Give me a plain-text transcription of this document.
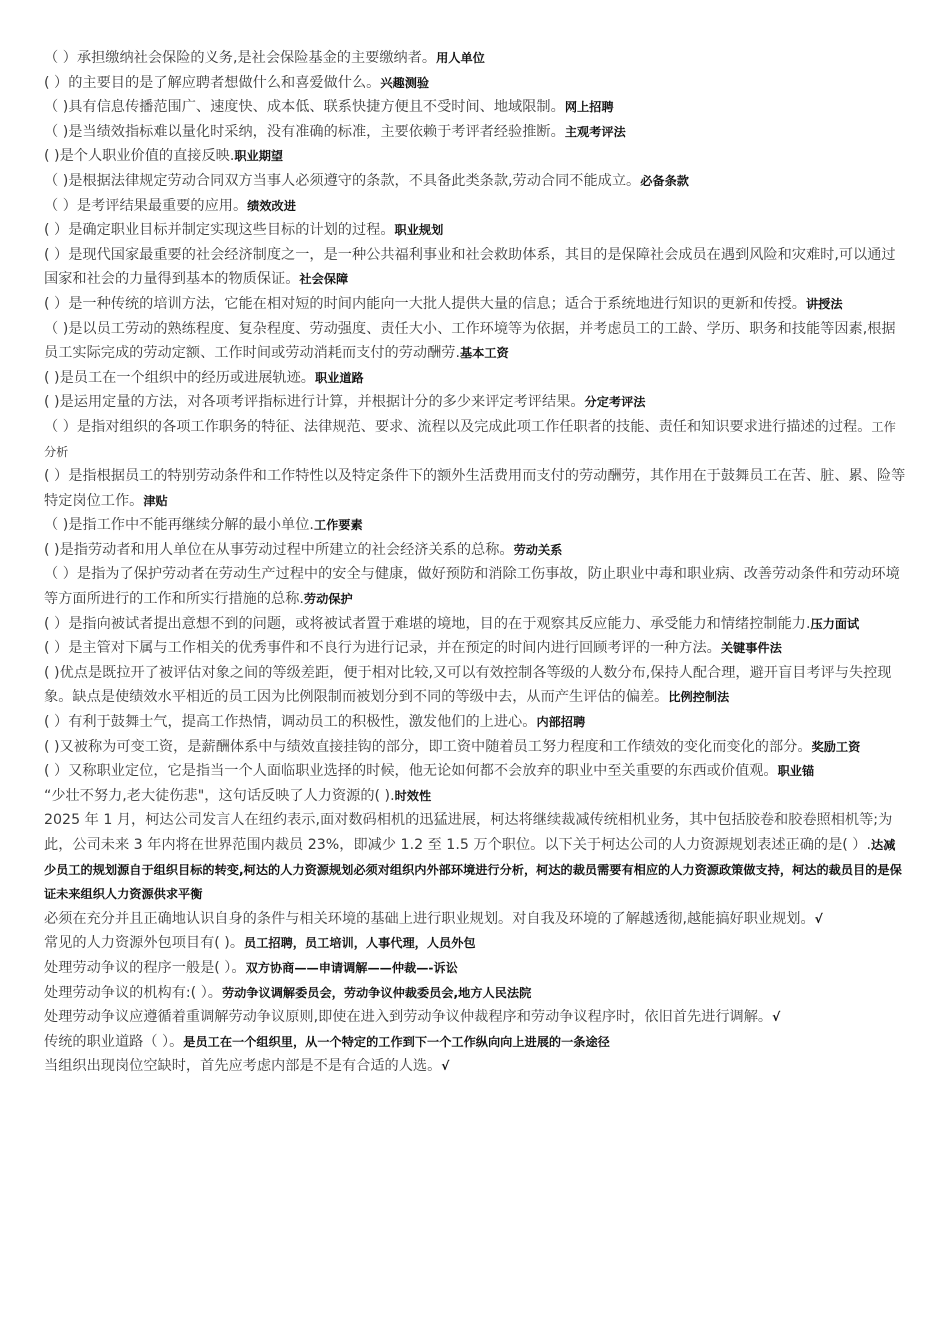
（ ）承担缴纳社会保险的义务,是社会保险基金的主要缴纳者。用人单位

( ）的主要目的是了解应聘者想做什么和喜爱做什么。兴趣测验

（ )具有信息传播范围广、速度快、成本低、联系快捷方便且不受时间、地域限制。网上招聘

（ )是当绩效指标难以量化时采纳，没有准确的标准，主要依赖于考评者经验推断。主观考评法

( )是个人职业价值的直接反映.职业期望

（ )是根据法律规定劳动合同双方当事人必须遵守的条款，不具备此类条款,劳动合同不能成立。必备条款

（ ）是考评结果最重要的应用。绩效改进

( ）是确定职业目标并制定实现这些目标的计划的过程。职业规划

( ）是现代国家最重要的社会经济制度之一，是一种公共福利事业和社会救助体系，其目的是保障社会成员在遇到风险和灾难时,可以通过国家和社会的力量得到基本的物质保证。社会保障

( ）是一种传统的培训方法，它能在相对短的时间内能向一大批人提供大量的信息；适合于系统地进行知识的更新和传授。讲授法

（ )是以员工劳动的熟练程度、复杂程度、劳动强度、责任大小、工作环境等为依据，并考虑员工的工龄、学历、职务和技能等因素,根据员工实际完成的劳动定额、工作时间或劳动消耗而支付的劳动酬劳.基本工资

( )是员工在一个组织中的经历或进展轨迹。职业道路

( )是运用定量的方法，对各项考评指标进行计算，并根据计分的多少来评定考评结果。分定考评法

（ ）是指对组织的各项工作职务的特征、法律规范、要求、流程以及完成此项工作任职者的技能、责任和知识要求进行描述的过程。工作分析

( ）是指根据员工的特别劳动条件和工作特性以及特定条件下的额外生活费用而支付的劳动酬劳，其作用在于鼓舞员工在苦、脏、累、险等特定岗位工作。津贴

（ )是指工作中不能再继续分解的最小单位.工作要素

( )是指劳动者和用人单位在从事劳动过程中所建立的社会经济关系的总称。劳动关系

（ ）是指为了保护劳动者在劳动生产过程中的安全与健康，做好预防和消除工伤事故，防止职业中毒和职业病、改善劳动条件和劳动环境等方面所进行的工作和所实行措施的总称.劳动保护

( ）是指向被试者提出意想不到的问题，或将被试者置于难堪的境地，目的在于观察其反应能力、承受能力和情绪控制能力.压力面试

( ）是主管对下属与工作相关的优秀事件和不良行为进行记录，并在预定的时间内进行回顾考评的一种方法。关键事件法

( )优点是既拉开了被评估对象之间的等级差距，便于相对比较,又可以有效控制各等级的人数分布,保持人配合理，避开盲目考评与失控现象。缺点是使绩效水平相近的员工因为比例限制而被划分到不同的等级中去，从而产生评估的偏差。比例控制法

( ）有利于鼓舞士气，提高工作热情，调动员工的积极性，激发他们的上进心。内部招聘

( )又被称为可变工资，是薪酬体系中与绩效直接挂钩的部分，即工资中随着员工努力程度和工作绩效的变化而变化的部分。奖励工资

( ）又称职业定位，它是指当一个人面临职业选择的时候，他无论如何都不会放弃的职业中至关重要的东西或价值观。职业锚

“少壮不努力,老大徒伤悲"，这句话反映了人力资源的( ).时效性

2025 年 1 月，柯达公司发言人在纽约表示,面对数码相机的迅猛进展，柯达将继续裁减传统相机业务，其中包括胶卷和胶卷照相机等;为此，公司未来 3 年内将在世界范围内裁员 23%，即减少 1.2 至 1.5 万个职位。以下关于柯达公司的人力资源规划表述正确的是( ）.达减少员工的规划源自于组织目标的转变,柯达的人力资源规划必须对组织内外部环境进行分析，柯达的裁员需要有相应的人力资源政策做支持，柯达的裁员目的是保证未来组织人力资源供求平衡

必须在充分并且正确地认识自身的条件与相关环境的基础上进行职业规划。对自我及环境的了解越透彻,越能搞好职业规划。√

常见的人力资源外包项目有( )。员工招聘，员工培训，人事代理，人员外包

处理劳动争议的程序一般是( ）。双方协商——申请调解——仲裁—-诉讼

处理劳动争议的机构有:( ）。劳动争议调解委员会，劳动争议仲裁委员会,地方人民法院

处理劳动争议应遵循着重调解劳动争议原则,即使在进入到劳动争议仲裁程序和劳动争议程序时，依旧首先进行调解。√

传统的职业道路（ ）。是员工在一个组织里，从一个特定的工作到下一个工作纵向向上进展的一条途径

当组织出现岗位空缺时，首先应考虑内部是不是有合适的人选。√
